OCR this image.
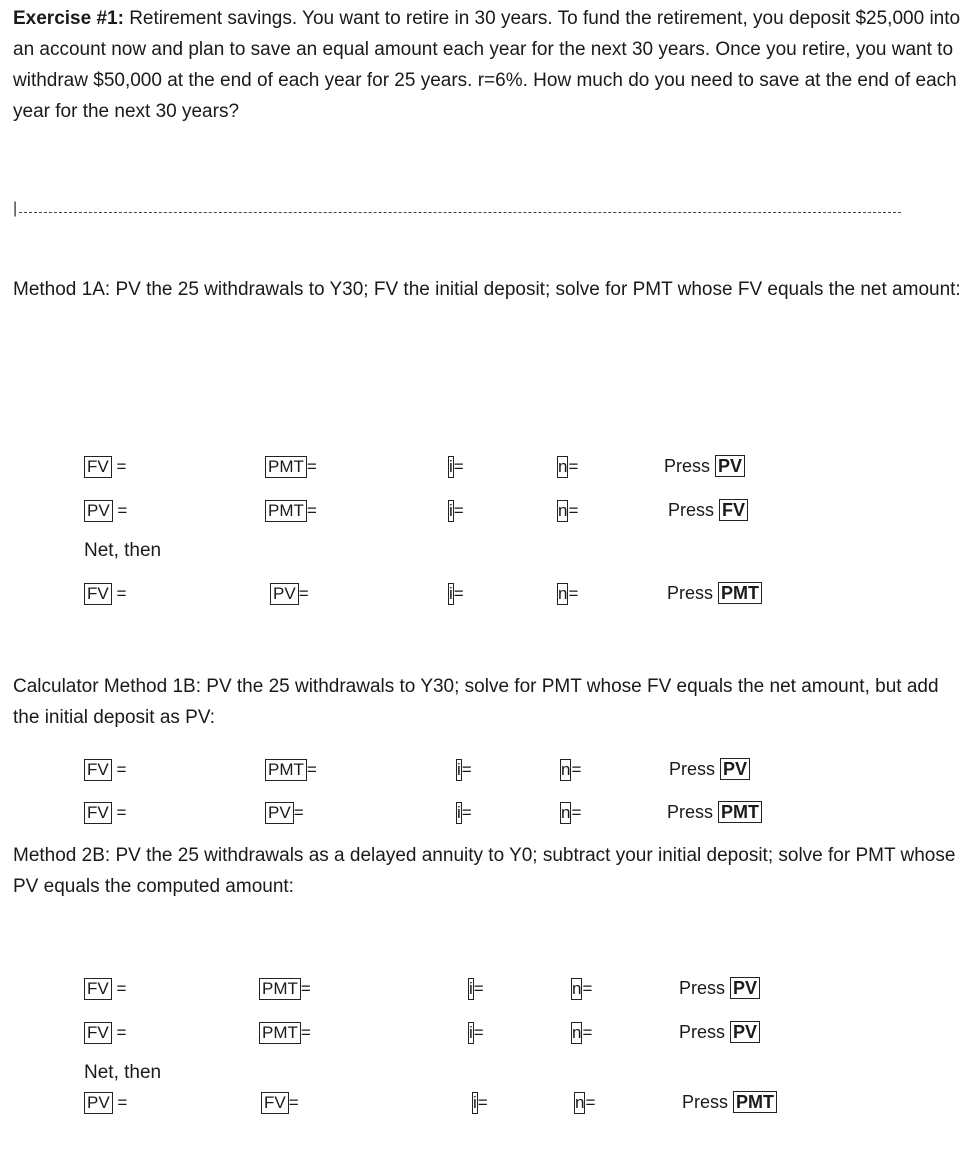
Exercise #1: Retirement savings. You want to retire in 30 years. To fund the retirement, you deposit $25,000 into an account now and plan to save an equal amount each year for the next 30 years. Once you retire, you want to withdraw $50,000 at the end of each year for 25 years. r=6%. How much do you need to save at the end of each year for the next 30 years?

|

Method 1A: PV the 25 withdrawals to Y30; FV the initial deposit; solve for PMT whose FV equals the net amount:

FV =	PMT =	i=	n=	Press PV
PV =	PMT =	i=	n=	Press FV
Net, then
FV =	PV =	i=	n=	Press PMT

Calculator Method 1B: PV the 25 withdrawals to Y30; solve for PMT whose FV equals the net amount, but add the initial deposit as PV:

FV =	PMT =	i=	n=	Press PV
FV =	PV =	i=	n=	Press PMT

Method 2B: PV the 25 withdrawals as a delayed annuity to Y0; subtract your initial deposit; solve for PMT whose PV equals the computed amount:

FV =	PMT =	i=	n=	Press PV
FV =	PMT =	i=	n=	Press PV
Net, then
PV =	FV =	i=	n=	Press PMT
